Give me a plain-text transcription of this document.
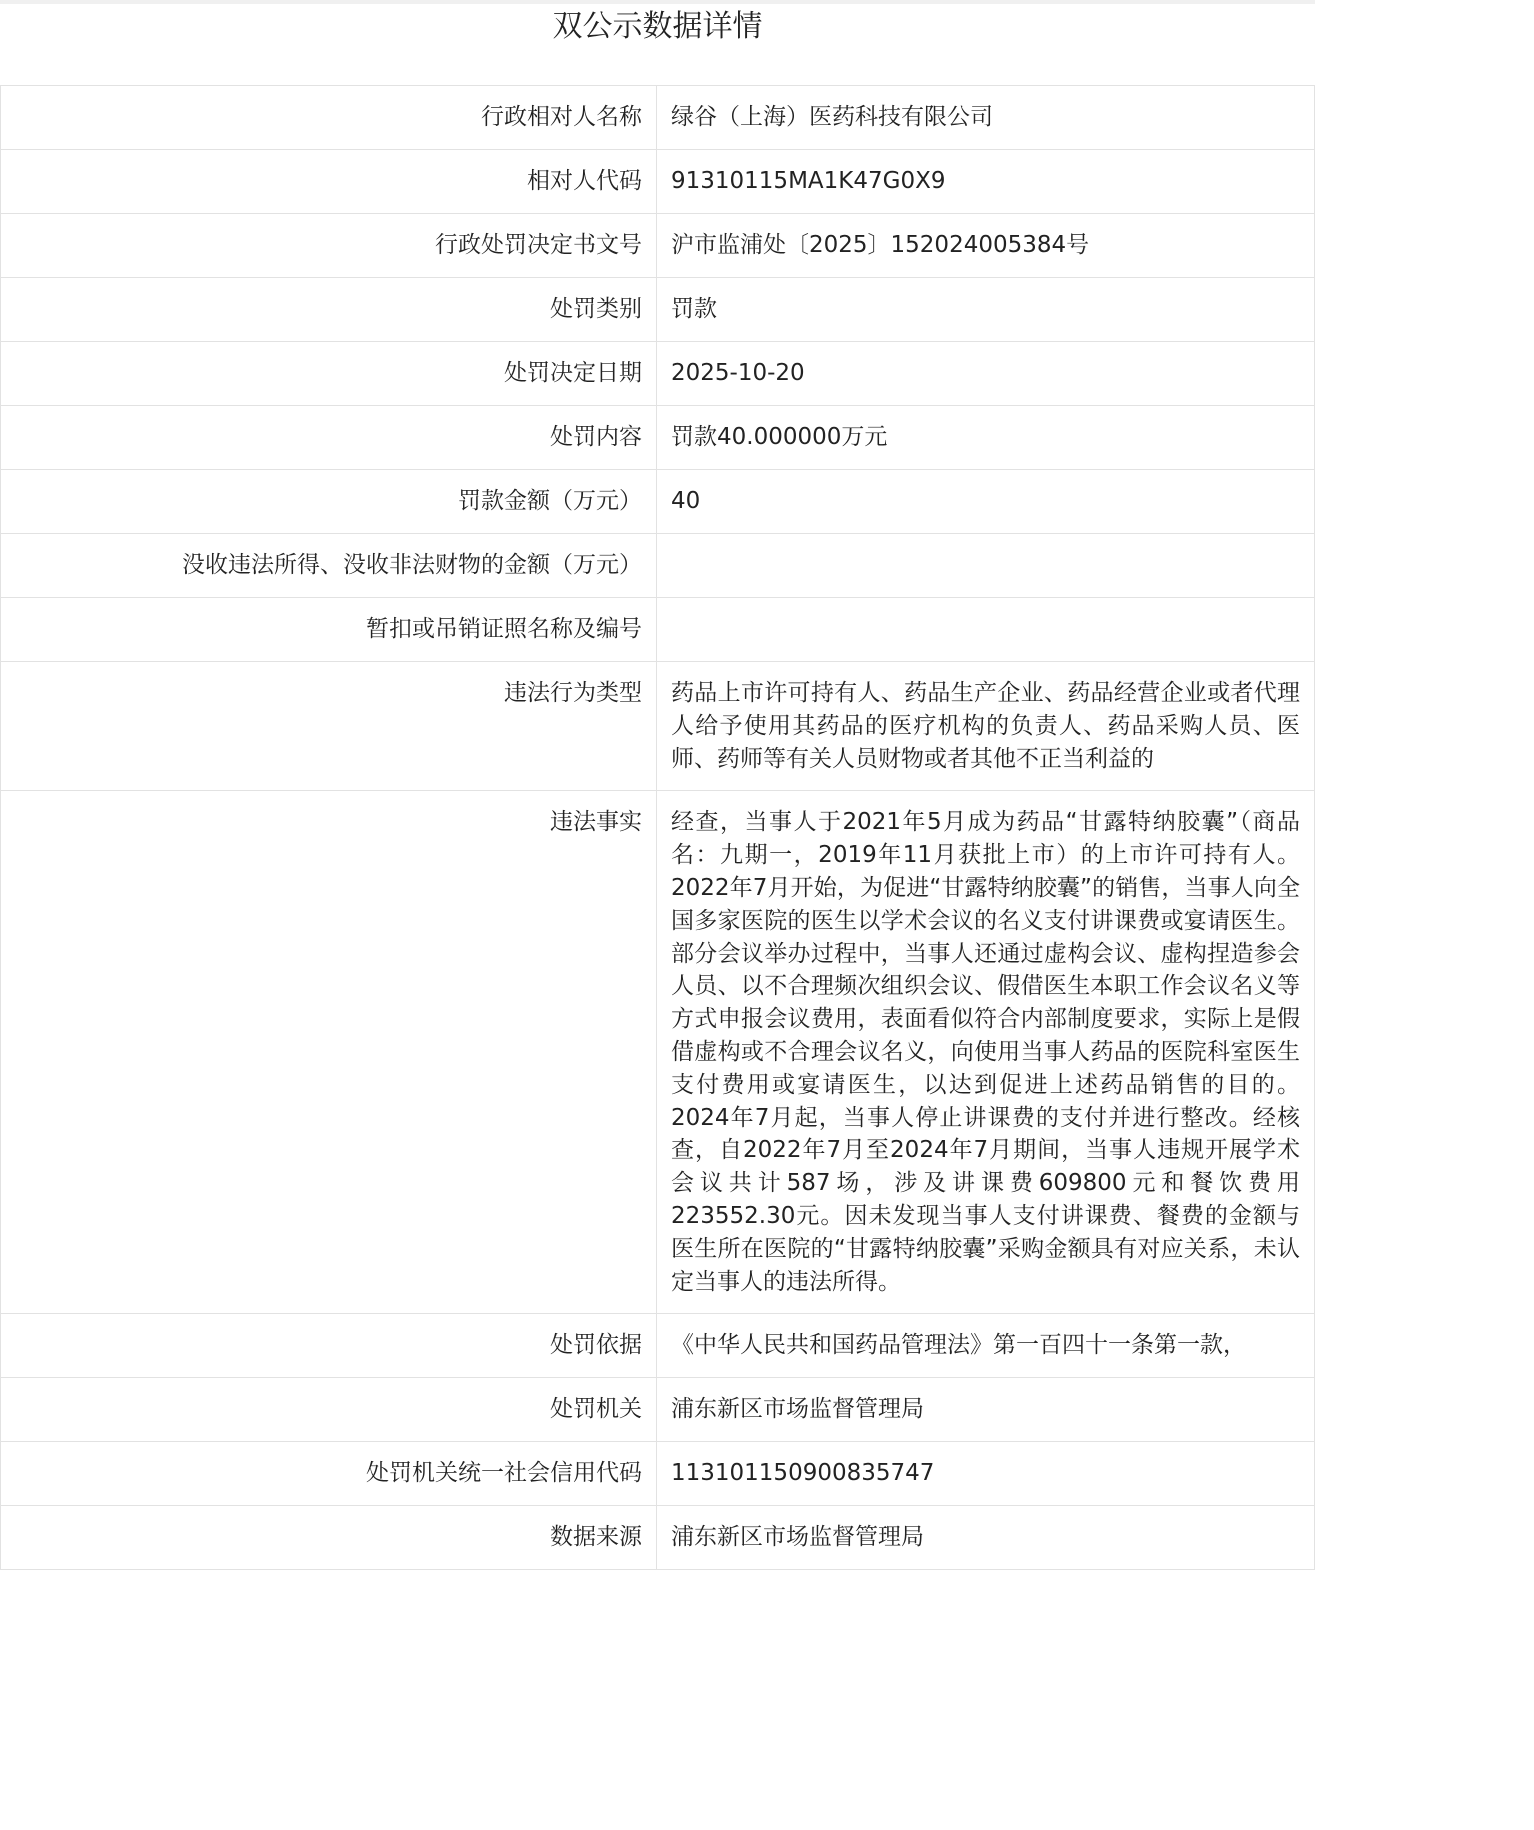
双公示数据详情
行政相对人名称	绿谷（上海）医药科技有限公司
相对人代码	91310115MA1K47G0X9
行政处罚决定书文号	沪市监浦处〔2025〕152024005384号
处罚类别	罚款
处罚决定日期	2025-10-20
处罚内容	罚款40.000000万元
罚款金额（万元）	40
没收违法所得、没收非法财物的金额（万元）	
暂扣或吊销证照名称及编号	
违法行为类型	药品上市许可持有人、药品生产企业、药品经营企业或者代理人给予使用其药品的医疗机构的负责人、药品采购人员、医师、药师等有关人员财物或者其他不正当利益的
违法事实	经查，当事人于2021年5月成为药品“甘露特纳胶囊”（商品名：九期一，2019年11月获批上市）的上市许可持有人。2022年7月开始，为促进“甘露特纳胶囊”的销售，当事人向全国多家医院的医生以学术会议的名义支付讲课费或宴请医生。部分会议举办过程中，当事人还通过虚构会议、虚构捏造参会人员、以不合理频次组织会议、假借医生本职工作会议名义等方式申报会议费用，表面看似符合内部制度要求，实际上是假借虚构或不合理会议名义，向使用当事人药品的医院科室医生支付费用或宴请医生，以达到促进上述药品销售的目的。2024年7月起，当事人停止讲课费的支付并进行整改。经核查，自2022年7月至2024年7月期间，当事人违规开展学术会议共计587场，涉及讲课费609800元和餐饮费用223552.30元。因未发现当事人支付讲课费、餐费的金额与医生所在医院的“甘露特纳胶囊”采购金额具有对应关系，未认定当事人的违法所得。
处罚依据	《中华人民共和国药品管理法》第一百四十一条第一款，
处罚机关	浦东新区市场监督管理局
处罚机关统一社会信用代码	113101150900835747
数据来源	浦东新区市场监督管理局
